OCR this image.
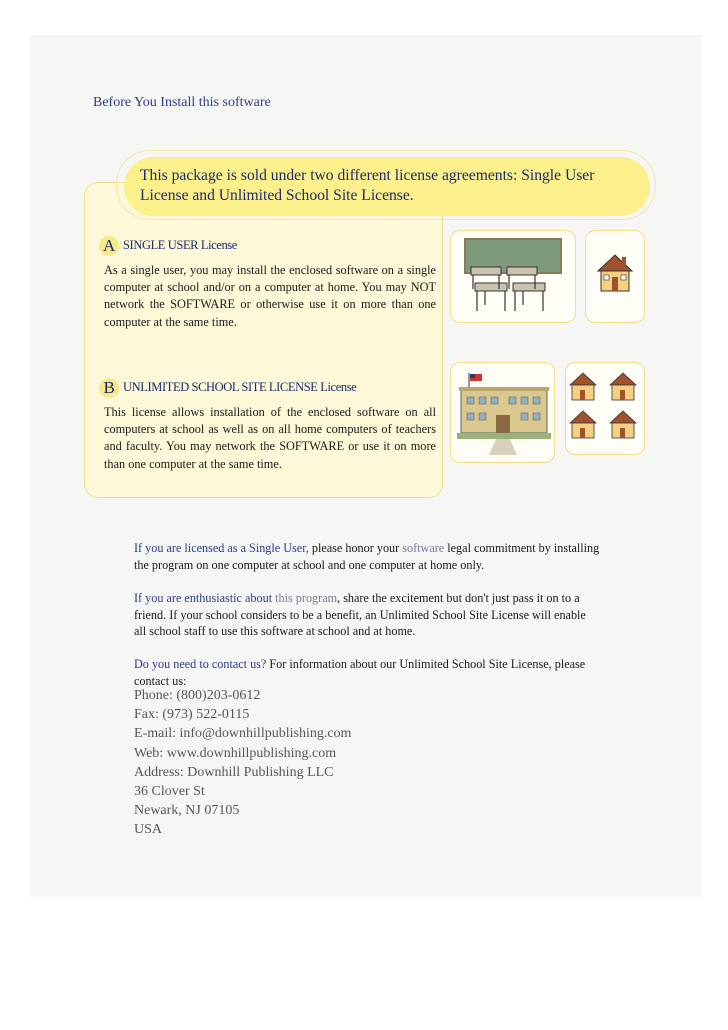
Before You Install this software
This package is sold under two different license agreements: Single User License and Unlimited School Site License.
A SINGLE USER License
As a single user, you may install the enclosed software on a single computer at school and/or on a computer at home. You may NOT network the SOFTWARE or otherwise use it on more than one computer at the same time.
B UNLIMITED SCHOOL SITE LICENSE License
This license allows installation of the enclosed software on all computers at school as well as on all home computers of teachers and faculty. You may network the SOFTWARE or use it on more than one computer at the same time.
If you are licensed as a Single User, please honor your software legal commitment by installing the program on one computer at school and one computer at home only.
If you are enthusiastic about this program, share the excitement but don't just pass it on to a friend. If your school considers to be a benefit, an Unlimited School Site License will enable all school staff to use this software at school and at home.
Do you need to contact us? For information about our Unlimited School Site License, please contact us:
Phone: (800)203-0612
Fax: (973) 522-0115
E-mail: info@downhillpublishing.com
Web: www.downhillpublishing.com
Address: Downhill Publishing LLC
36 Clover St
Newark, NJ 07105
USA
